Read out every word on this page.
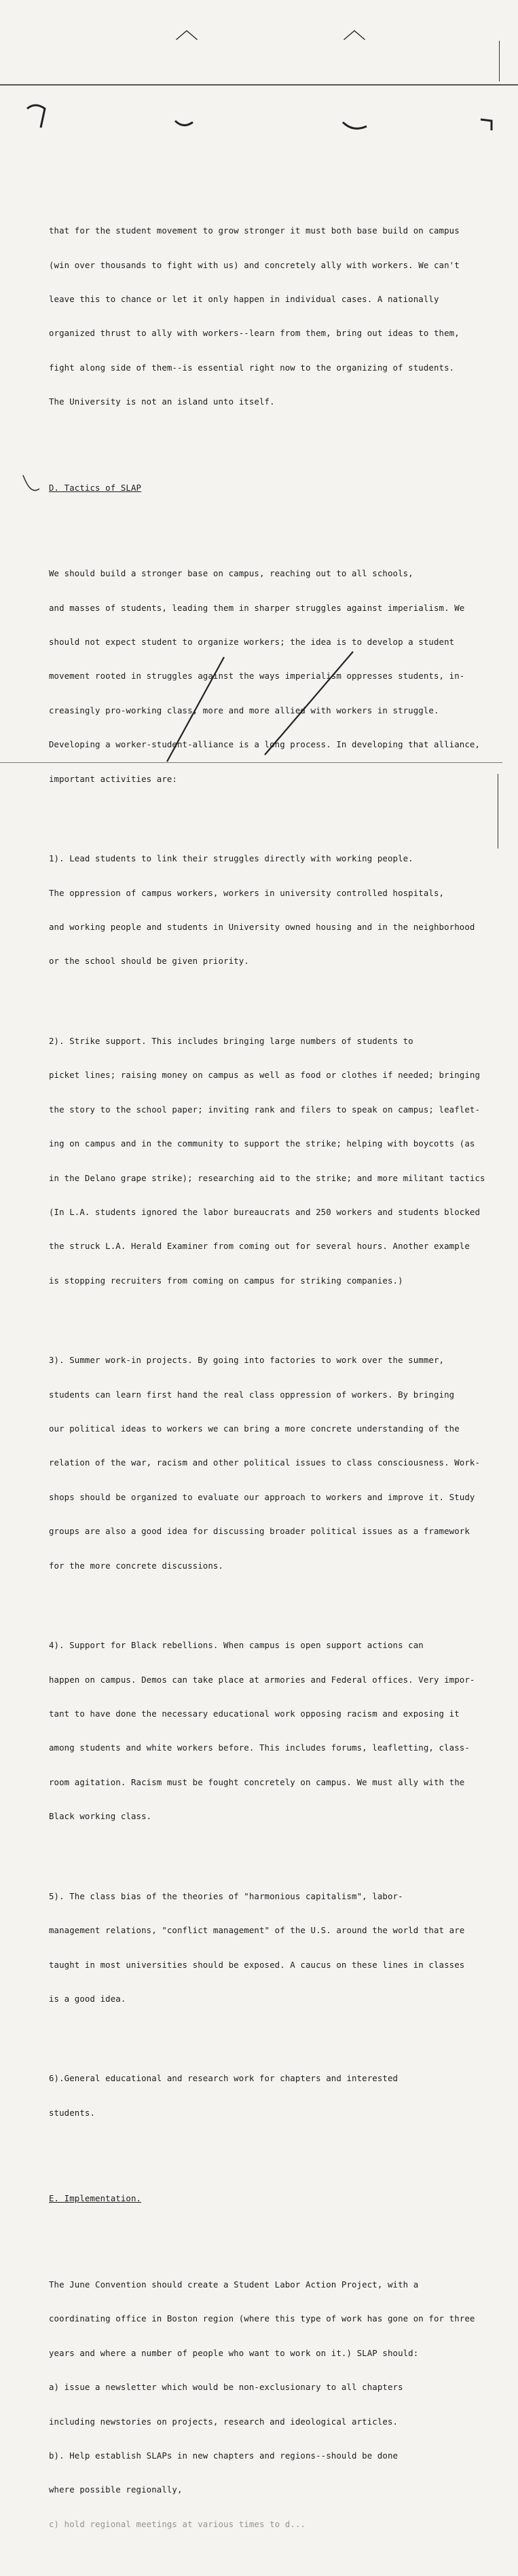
︿	︿

that for the student movement to grow stronger it must both base build on campus

(win over thousands to fight with us) and concretely ally with workers. We can't

leave this to chance or let it only happen in individual cases. A nationally

organized thrust to ally with workers--learn from them, bring out ideas to them,

fight along side of them--is essential right now to the organizing of students.

The University is not an island unto itself.

D. Tactics of SLAP

We should build a stronger base on campus, reaching out to all schools,

and masses of students, leading them in sharper struggles against imperialism. We

should not expect student to organize workers; the idea is to develop a student

movement rooted in struggles against the ways imperialism oppresses students, in-

creasingly pro-working class, more and more allied with workers in struggle.

Developing a worker-student-alliance is a long process. In developing that alliance,

important activities are:

1). Lead students to link their struggles directly with working people.

The oppression of campus workers, workers in university controlled hospitals,

and working people and students in University owned housing and in the neighborhood

or the school should be given priority.

2). Strike support. This includes bringing large numbers of students to

picket lines; raising money on campus as well as food or clothes if needed; bringing

the story to the school paper; inviting rank and filers to speak on campus; leaflet-

ing on campus and in the community to support the strike; helping with boycotts (as

in the Delano grape strike); researching aid to the strike; and more militant tactics

(In L.A. students ignored the labor bureaucrats and 250 workers and students blocked

the struck L.A. Herald Examiner from coming out for several hours. Another example

is stopping recruiters from coming on campus for striking companies.)

3). Summer work-in projects. By going into factories to work over the summer,

students can learn first hand the real class oppression of workers. By bringing

our political ideas to workers we can bring a more concrete understanding of the

relation of the war, racism and other political issues to class consciousness. Work-

shops should be organized to evaluate our approach to workers and improve it. Study

groups are also a good idea for discussing broader political issues as a framework

for the more concrete discussions.

4). Support for Black rebellions. When campus is open support actions can

happen on campus. Demos can take place at armories and Federal offices. Very impor-

tant to have done the necessary educational work opposing racism and exposing it

among students and white workers before. This includes forums, leafletting, class-

room agitation. Racism must be fought concretely on campus. We must ally with the

Black working class.

5). The class bias of the theories of "harmonious capitalism", labor-

management relations, "conflict management" of the U.S. around the world that are

taught in most universities should be exposed. A caucus on these lines in classes

is a good idea.

6).General educational and research work for chapters and interested

students.

E. Implementation.

The June Convention should create a Student Labor Action Project, with a

coordinating office in Boston region (where this type of work has gone on for three

years and where a number of people who want to work on it.) SLAP should:

a) issue a newsletter which would be non-exclusionary to all chapters

including newstories on projects, research and ideological articles.

b). Help establish SLAPs in new chapters and regions--should be done

where possible regionally,

c) hold regional meetings at various times to d...
